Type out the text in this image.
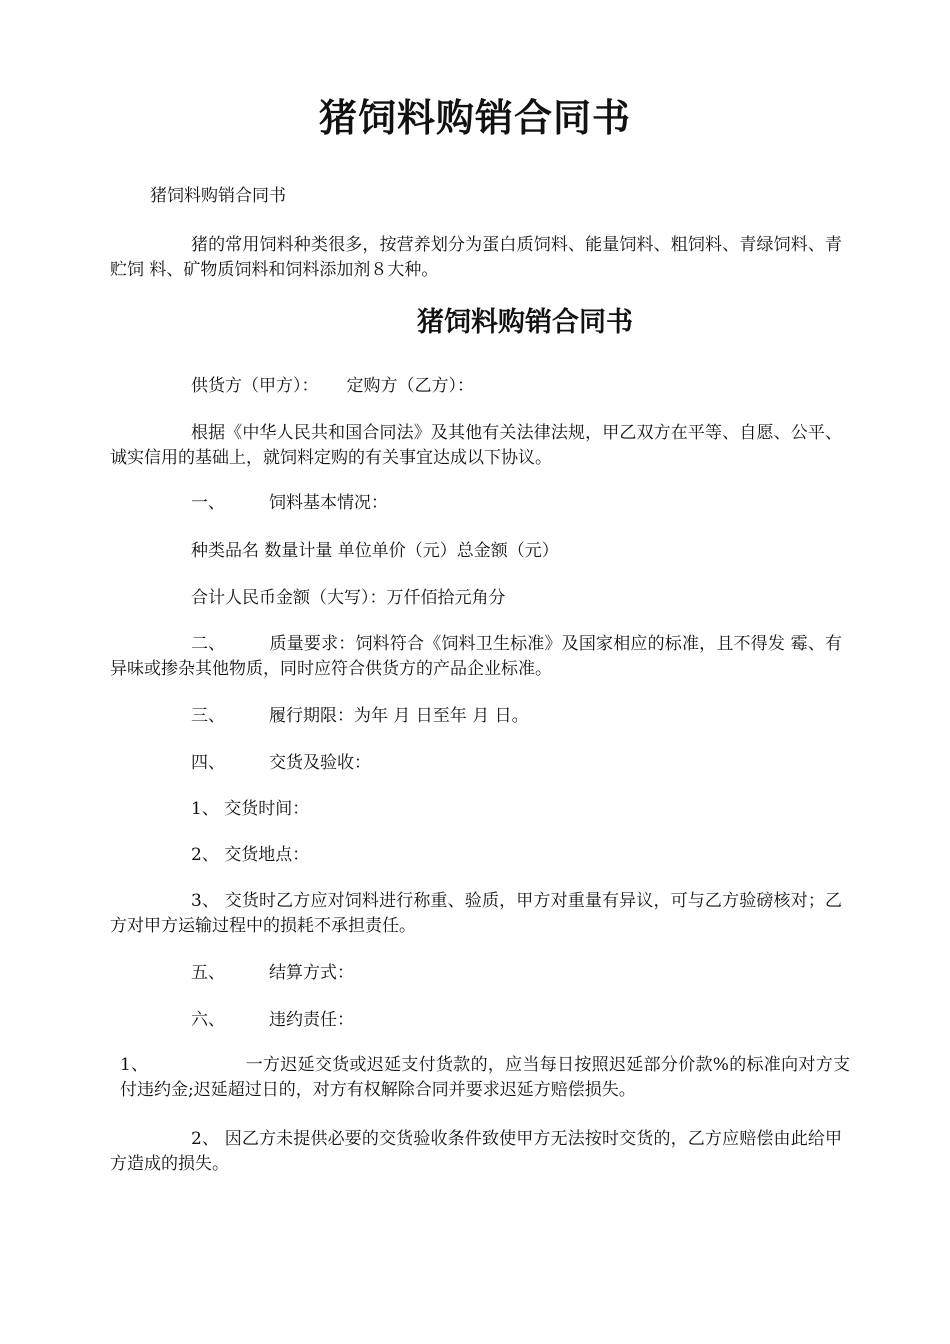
猪饲料购销合同书
猪饲料购销合同书
猪的常用饲料种类很多，按营养划分为蛋白质饲料、能量饲料、粗饲料、青绿饲料、青贮饲 料、矿物质饲料和饲料添加剂８大种。
猪饲料购销合同书
供货方（甲方）： 定购方（乙方）：
根据《中华人民共和国合同法》及其他有关法律法规，甲乙双方在平等、自愿、公平、诚实信用的基础上，就饲料定购的有关事宜达成以下协议。
一、	饲料基本情况：
种类品名 数量计量 单位单价（元）总金额（元）
合计人民币金额（大写）：万仟佰拾元角分
二、	质量要求：饲料符合《饲料卫生标准》及国家相应的标准，且不得发 霉、有异味或掺杂其他物质，同时应符合供货方的产品企业标准。
三、	履行期限：为年 月 日至年 月 日。
四、	交货及验收：
1、 交货时间：
2、 交货地点：
3、 交货时乙方应对饲料进行称重、验质，甲方对重量有异议，可与乙方验磅核对；乙方对甲方运输过程中的损耗不承担责任。
五、	结算方式：
六、	违约责任：
1、	一方迟延交货或迟延支付货款的，应当每日按照迟延部分价款%的标准向对方支付违约金;迟延超过日的，对方有权解除合同并要求迟延方赔偿损失。
2、 因乙方未提供必要的交货验收条件致使甲方无法按时交货的，乙方应赔偿由此给甲方造成的损失。
